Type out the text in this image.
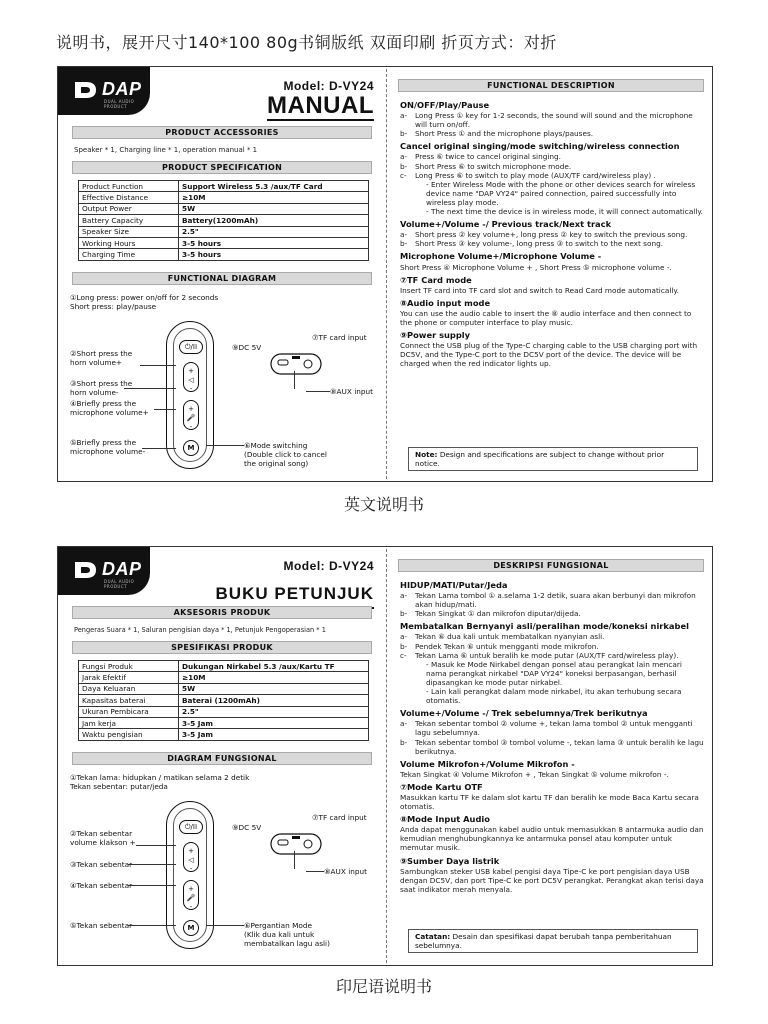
说明书，展开尺寸140*100 80g书铜版纸 双面印刷 折页方式：对折
DAP
DUAL AUDIO PRODUCT
Model: D-VY24
MANUAL
PRODUCT ACCESSORIES
Speaker * 1, Charging line * 1, operation manual * 1
PRODUCT SPECIFICATION
Product Function	Support Wireless 5.3 /aux/TF Card
Effective Distance	≥10M
Output Power	5W
Battery Capacity	Battery(1200mAh)
Speaker Size	2.5"
Working Hours	3-5 hours
Charging Time	3-5 hours
FUNCTIONAL DIAGRAM
①Long press: power on/off for 2 seconds
Short press: play/pause
⏻/II
+
◁
-
+
🎤
-
M
②Short press the
horn volume+
③Short press the
horn volume-
④Briefly press the
microphone volume+
⑤Briefly press the
microphone volume-
⑨DC 5V
⑦TF card input
⑧AUX input
⑥Mode switching
(Double click to cancel
the original song)
FUNCTIONAL DESCRIPTION
ON/OFF/Play/Pause
a-	Long Press ① key for 1-2 seconds, the sound will sound and the microphone will turn on/off.
b-	Short Press ① and the microphone plays/pauses.
Cancel original singing/mode switching/wireless connection
a-	Press ⑥ twice to cancel original singing.
b-	Short Press ⑥ to switch microphone mode.
c-	Long Press ⑥ to switch to play mode (AUX/TF card/wireless play) .
- Enter Wireless Mode with the phone or other devices search for wireless device name "DAP VY24" paired connection, paired successfully into wireless play mode.
- The next time the device is in wireless mode, it will connect automatically.
Volume+/Volume -/ Previous track/Next track
a-	Short press ② key volume+, long press ② key to switch the previous song.
b-	Short Press ③ key volume-, long press ③ to switch to the next song.
Microphone Volume+/Microphone Volume -
Short Press ④ Microphone Volume + , Short Press ⑤ microphone volume -.
⑦TF Card mode
Insert TF card into TF card slot and switch to Read Card mode automatically.
⑧Audio input mode
You can use the audio cable to insert the ⑧ audio interface and then connect to the phone or computer interface to play music.
⑨Power supply
Connect the USB plug of the Type-C charging cable to the USB charging port with DC5V, and the Type-C port to the DC5V port of the device. The device will be charged when the red indicator lights up.
Note: Design and specifications are subject to change without prior notice.
英文说明书
DAP
DUAL AUDIO PRODUCT
Model: D-VY24
BUKU PETUNJUK
AKSESORIS PRODUK
Pengeras Suara * 1, Saluran pengisian daya * 1, Petunjuk Pengoperasian * 1
SPESIFIKASI PRODUK
Fungsi Produk	Dukungan Nirkabel 5.3 /aux/Kartu TF
Jarak Efektif	≥10M
Daya Keluaran	5W
Kapasitas baterai	Baterai (1200mAh)
Ukuran Pembicara	2.5"
Jam kerja	3-5 Jam
Waktu pengisian	3-5 Jam
DIAGRAM FUNGSIONAL
①Tekan lama: hidupkan / matikan selama 2 detik
Tekan sebentar: putar/jeda
⏻/II
+
◁
-
+
🎤
-
M
②Tekan sebentar
volume klakson +
③Tekan sebentar
④Tekan sebentar
⑤Tekan sebentar
⑨DC 5V
⑦TF card input
⑧AUX input
⑥Pergantian Mode
(Klik dua kali untuk
membatalkan lagu asli)
DESKRIPSI FUNGSIONAL
HIDUP/MATI/Putar/Jeda
a-	Tekan Lama tombol ① a.selama 1-2 detik, suara akan berbunyi dan mikrofon akan hidup/mati.
b-	Tekan Singkat ① dan mikrofon diputar/dijeda.
Membatalkan Bernyanyi asli/peralihan mode/koneksi nirkabel
a-	Tekan ⑥ dua kali untuk membatalkan nyanyian asli.
b-	Pendek Tekan ⑥ untuk mengganti mode mikrofon.
c-	Tekan Lama ⑥ untuk beralih ke mode putar (AUX/TF card/wireless play).
- Masuk ke Mode Nirkabel dengan ponsel atau perangkat lain mencari nama perangkat nirkabel "DAP VY24" koneksi berpasangan, berhasil dipasangkan ke mode putar nirkabel.
- Lain kali perangkat dalam mode nirkabel, itu akan terhubung secara otomatis.
Volume+/Volume -/ Trek sebelumnya/Trek berikutnya
a-	Tekan sebentar tombol ② volume +, tekan lama tombol ② untuk mengganti lagu sebelumnya.
b-	Tekan sebentar tombol ③ tombol volume -, tekan lama ③ untuk beralih ke lagu berikutnya.
Volume Mikrofon+/Volume Mikrofon -
Tekan Singkat ④ Volume Mikrofon + , Tekan Singkat ⑤ volume mikrofon -.
⑦Mode Kartu OTF
Masukkan kartu TF ke dalam slot kartu TF dan beralih ke mode Baca Kartu secara otomatis.
⑧Mode Input Audio
Anda dapat menggunakan kabel audio untuk memasukkan 8 antarmuka audio dan kemudian menghubungkannya ke antarmuka ponsel atau komputer untuk memutar musik.
⑨Sumber Daya listrik
Sambungkan steker USB kabel pengisi daya Tipe-C ke port pengisian daya USB dengan DC5V, dan port Tipe-C ke port DC5V perangkat. Perangkat akan terisi daya saat indikator merah menyala.
Catatan: Desain dan spesifikasi dapat berubah tanpa pemberitahuan sebelumnya.
印尼语说明书
